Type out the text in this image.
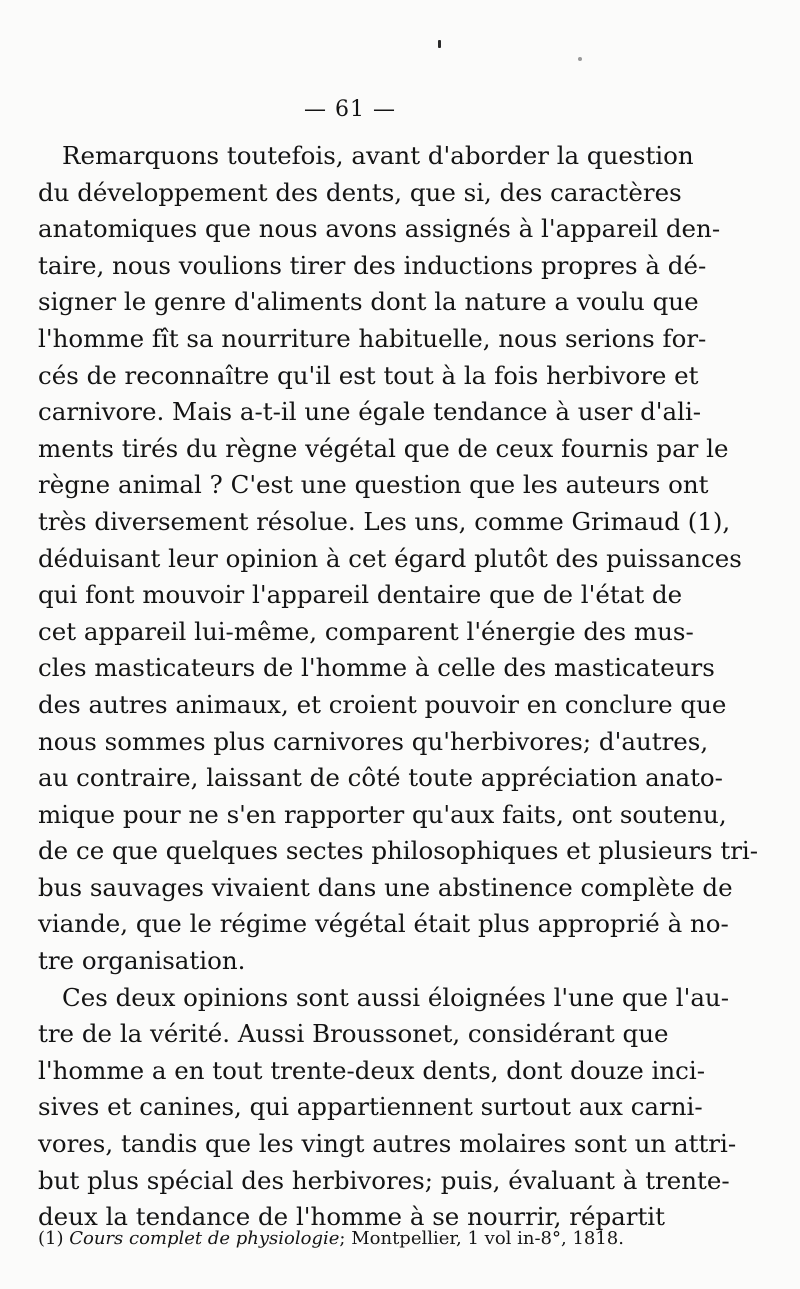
— 61 —
Remarquons toutefois, avant d'aborder la question
du développement des dents, que si, des caractères
anatomiques que nous avons assignés à l'appareil den-
taire, nous voulions tirer des inductions propres à dé-
signer le genre d'aliments dont la nature a voulu que
l'homme fît sa nourriture habituelle, nous serions for-
cés de reconnaître qu'il est tout à la fois herbivore et
carnivore. Mais a-t-il une égale tendance à user d'ali-
ments tirés du règne végétal que de ceux fournis par le
règne animal ? C'est une question que les auteurs ont
très diversement résolue. Les uns, comme Grimaud (1),
déduisant leur opinion à cet égard plutôt des puissances
qui font mouvoir l'appareil dentaire que de l'état de
cet appareil lui-même, comparent l'énergie des mus-
cles masticateurs de l'homme à celle des masticateurs
des autres animaux, et croient pouvoir en conclure que
nous sommes plus carnivores qu'herbivores; d'autres,
au contraire, laissant de côté toute appréciation anato-
mique pour ne s'en rapporter qu'aux faits, ont soutenu,
de ce que quelques sectes philosophiques et plusieurs tri-
bus sauvages vivaient dans une abstinence complète de
viande, que le régime végétal était plus approprié à no-
tre organisation.
Ces deux opinions sont aussi éloignées l'une que l'au-
tre de la vérité. Aussi Broussonet, considérant que
l'homme a en tout trente-deux dents, dont douze inci-
sives et canines, qui appartiennent surtout aux carni-
vores, tandis que les vingt autres molaires sont un attri-
but plus spécial des herbivores; puis, évaluant à trente-
deux la tendance de l'homme à se nourrir, répartit
(1) Cours complet de physiologie; Montpellier, 1 vol in-8°, 1818.
